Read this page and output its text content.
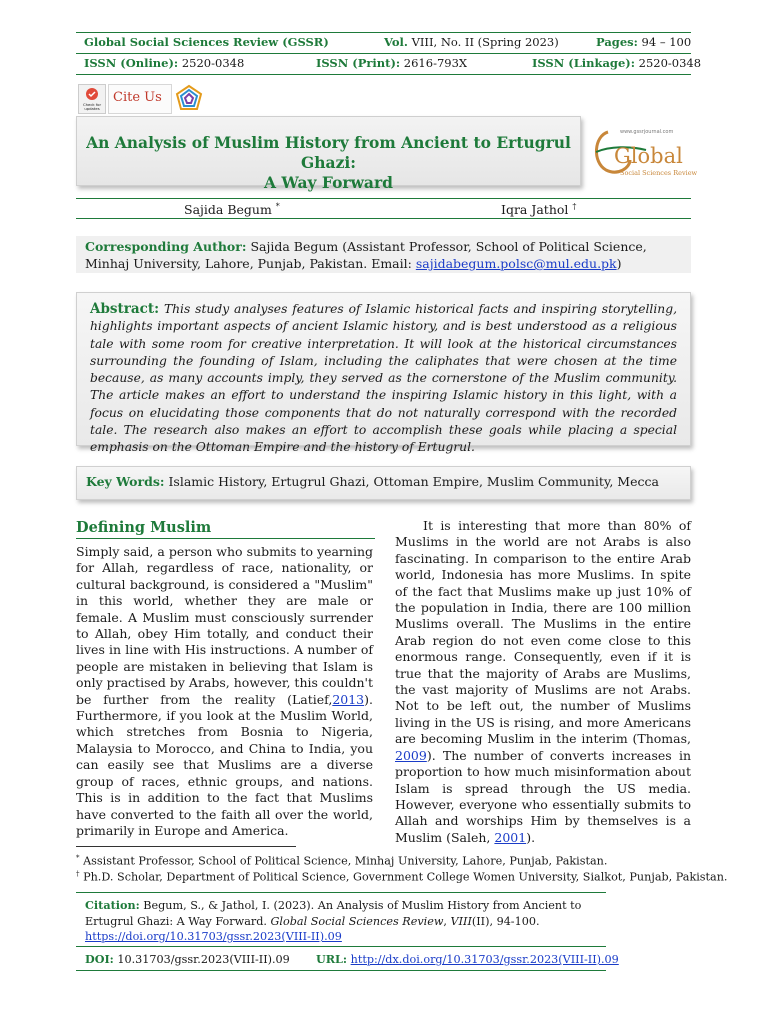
Global Social Sciences Review (GSSR)	Vol. VIII, No. II (Spring 2023)	Pages: 94 – 100
ISSN (Online): 2520-0348	ISSN (Print): 2616-793X	ISSN (Linkage): 2520-0348
Check for updates
Cite Us
An Analysis of Muslim History from Ancient to Ertugrul Ghazi:
A Way Forward
www.gssrjournal.com
Global
Social Sciences Review
Sajida Begum *	Iqra Jathol †
Corresponding Author: Sajida Begum (Assistant Professor, School of Political Science, Minhaj University, Lahore, Punjab, Pakistan. Email: sajidabegum.polsc@mul.edu.pk)
Abstract: This study analyses features of Islamic historical facts and inspiring storytelling, highlights important aspects of ancient Islamic history, and is best understood as a religious tale with some room for creative interpretation. It will look at the historical circumstances surrounding the founding of Islam, including the caliphates that were chosen at the time because, as many accounts imply, they served as the cornerstone of the Muslim community. The article makes an effort to understand the inspiring Islamic history in this light, with a focus on elucidating those components that do not naturally correspond with the recorded tale. The research also makes an effort to accomplish these goals while placing a special emphasis on the Ottoman Empire and the history of Ertugrul.
Key Words: Islamic History, Ertugrul Ghazi, Ottoman Empire, Muslim Community, Mecca
Defining Muslim
Simply said, a person who submits to yearning for Allah, regardless of race, nationality, or cultural background, is considered a "Muslim" in this world, whether they are male or female. A Muslim must consciously surrender to Allah, obey Him totally, and conduct their lives in line with His instructions. A number of people are mistaken in believing that Islam is only practised by Arabs, however, this couldn't be further from the reality (Latief,2013). Furthermore, if you look at the Muslim World, which stretches from Bosnia to Nigeria, Malaysia to Morocco, and China to India, you can easily see that Muslims are a diverse group of races, ethnic groups, and nations. This is in addition to the fact that Muslims have converted to the faith all over the world, primarily in Europe and America.
It is interesting that more than 80% of Muslims in the world are not Arabs is also fascinating. In comparison to the entire Arab world, Indonesia has more Muslims. In spite of the fact that Muslims make up just 10% of the population in India, there are 100 million Muslims overall. The Muslims in the entire Arab region do not even come close to this enormous range. Consequently, even if it is true that the majority of Arabs are Muslims, the vast majority of Muslims are not Arabs. Not to be left out, the number of Muslims living in the US is rising, and more Americans are becoming Muslim in the interim (Thomas, 2009). The number of converts increases in proportion to how much misinformation about Islam is spread through the US media. However, everyone who essentially submits to Allah and worships Him by themselves is a Muslim (Saleh, 2001).
* Assistant Professor, School of Political Science, Minhaj University, Lahore, Punjab, Pakistan.
† Ph.D. Scholar, Department of Political Science, Government College Women University, Sialkot, Punjab, Pakistan.
Citation: Begum, S., & Jathol, I. (2023). An Analysis of Muslim History from Ancient to Ertugrul Ghazi: A Way Forward. Global Social Sciences Review, VIII(II), 94-100.
https://doi.org/10.31703/gssr.2023(VIII-II).09
DOI: 10.31703/gssr.2023(VIII-II).09 URL: http://dx.doi.org/10.31703/gssr.2023(VIII-II).09
